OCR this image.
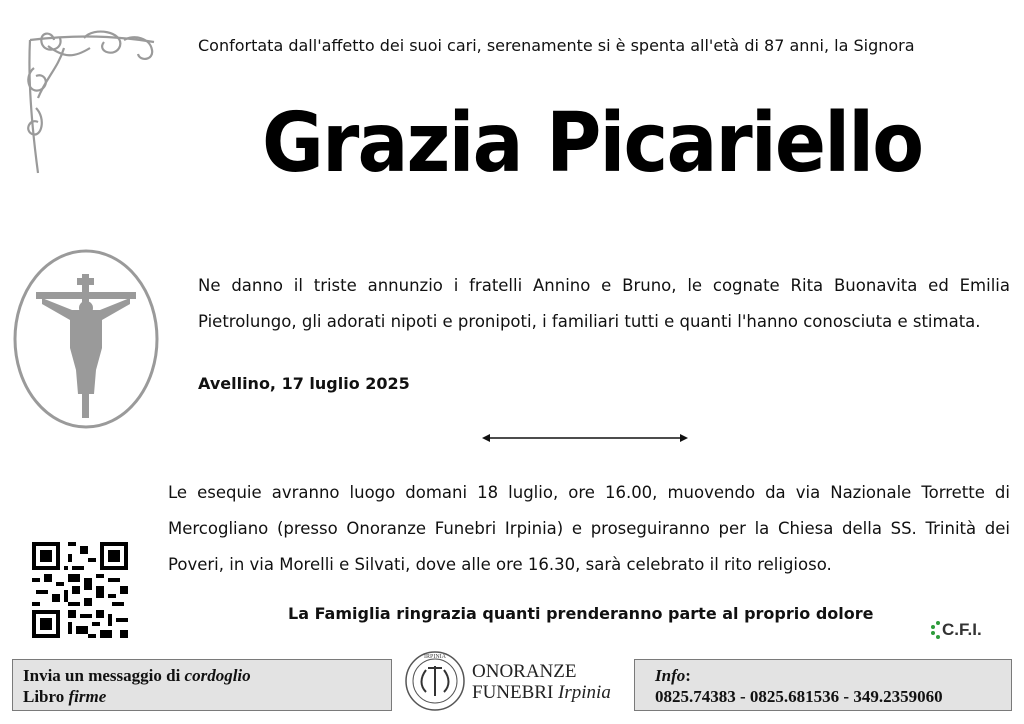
Confortata dall'affetto dei suoi cari, serenamente si è spenta all'età di 87 anni, la Signora
Grazia Picariello

Ne danno il triste annunzio i fratelli Annino e Bruno, le cognate Rita Buonavita ed Emilia Pietrolungo, gli adorati nipoti e pronipoti, i familiari tutti e quanti l'hanno conosciuta e stimata.

Avellino, 17 luglio 2025

Le esequie avranno luogo domani 18 luglio, ore 16.00, muovendo da via Nazionale Torrette di Mercogliano (presso Onoranze Funebri Irpinia) e proseguiranno per la Chiesa della SS. Trinità dei Poveri, in via Morelli e Silvati, dove alle ore 16.30, sarà celebrato il rito religioso.

La Famiglia ringrazia quanti prenderanno parte al proprio dolore
C.F.I.
Invia un messaggio di cordoglio
Libro firme
IRPINIA
ONORANZE
FUNEBRI Irpinia
Info:
0825.74383 - 0825.681536 - 349.2359060
